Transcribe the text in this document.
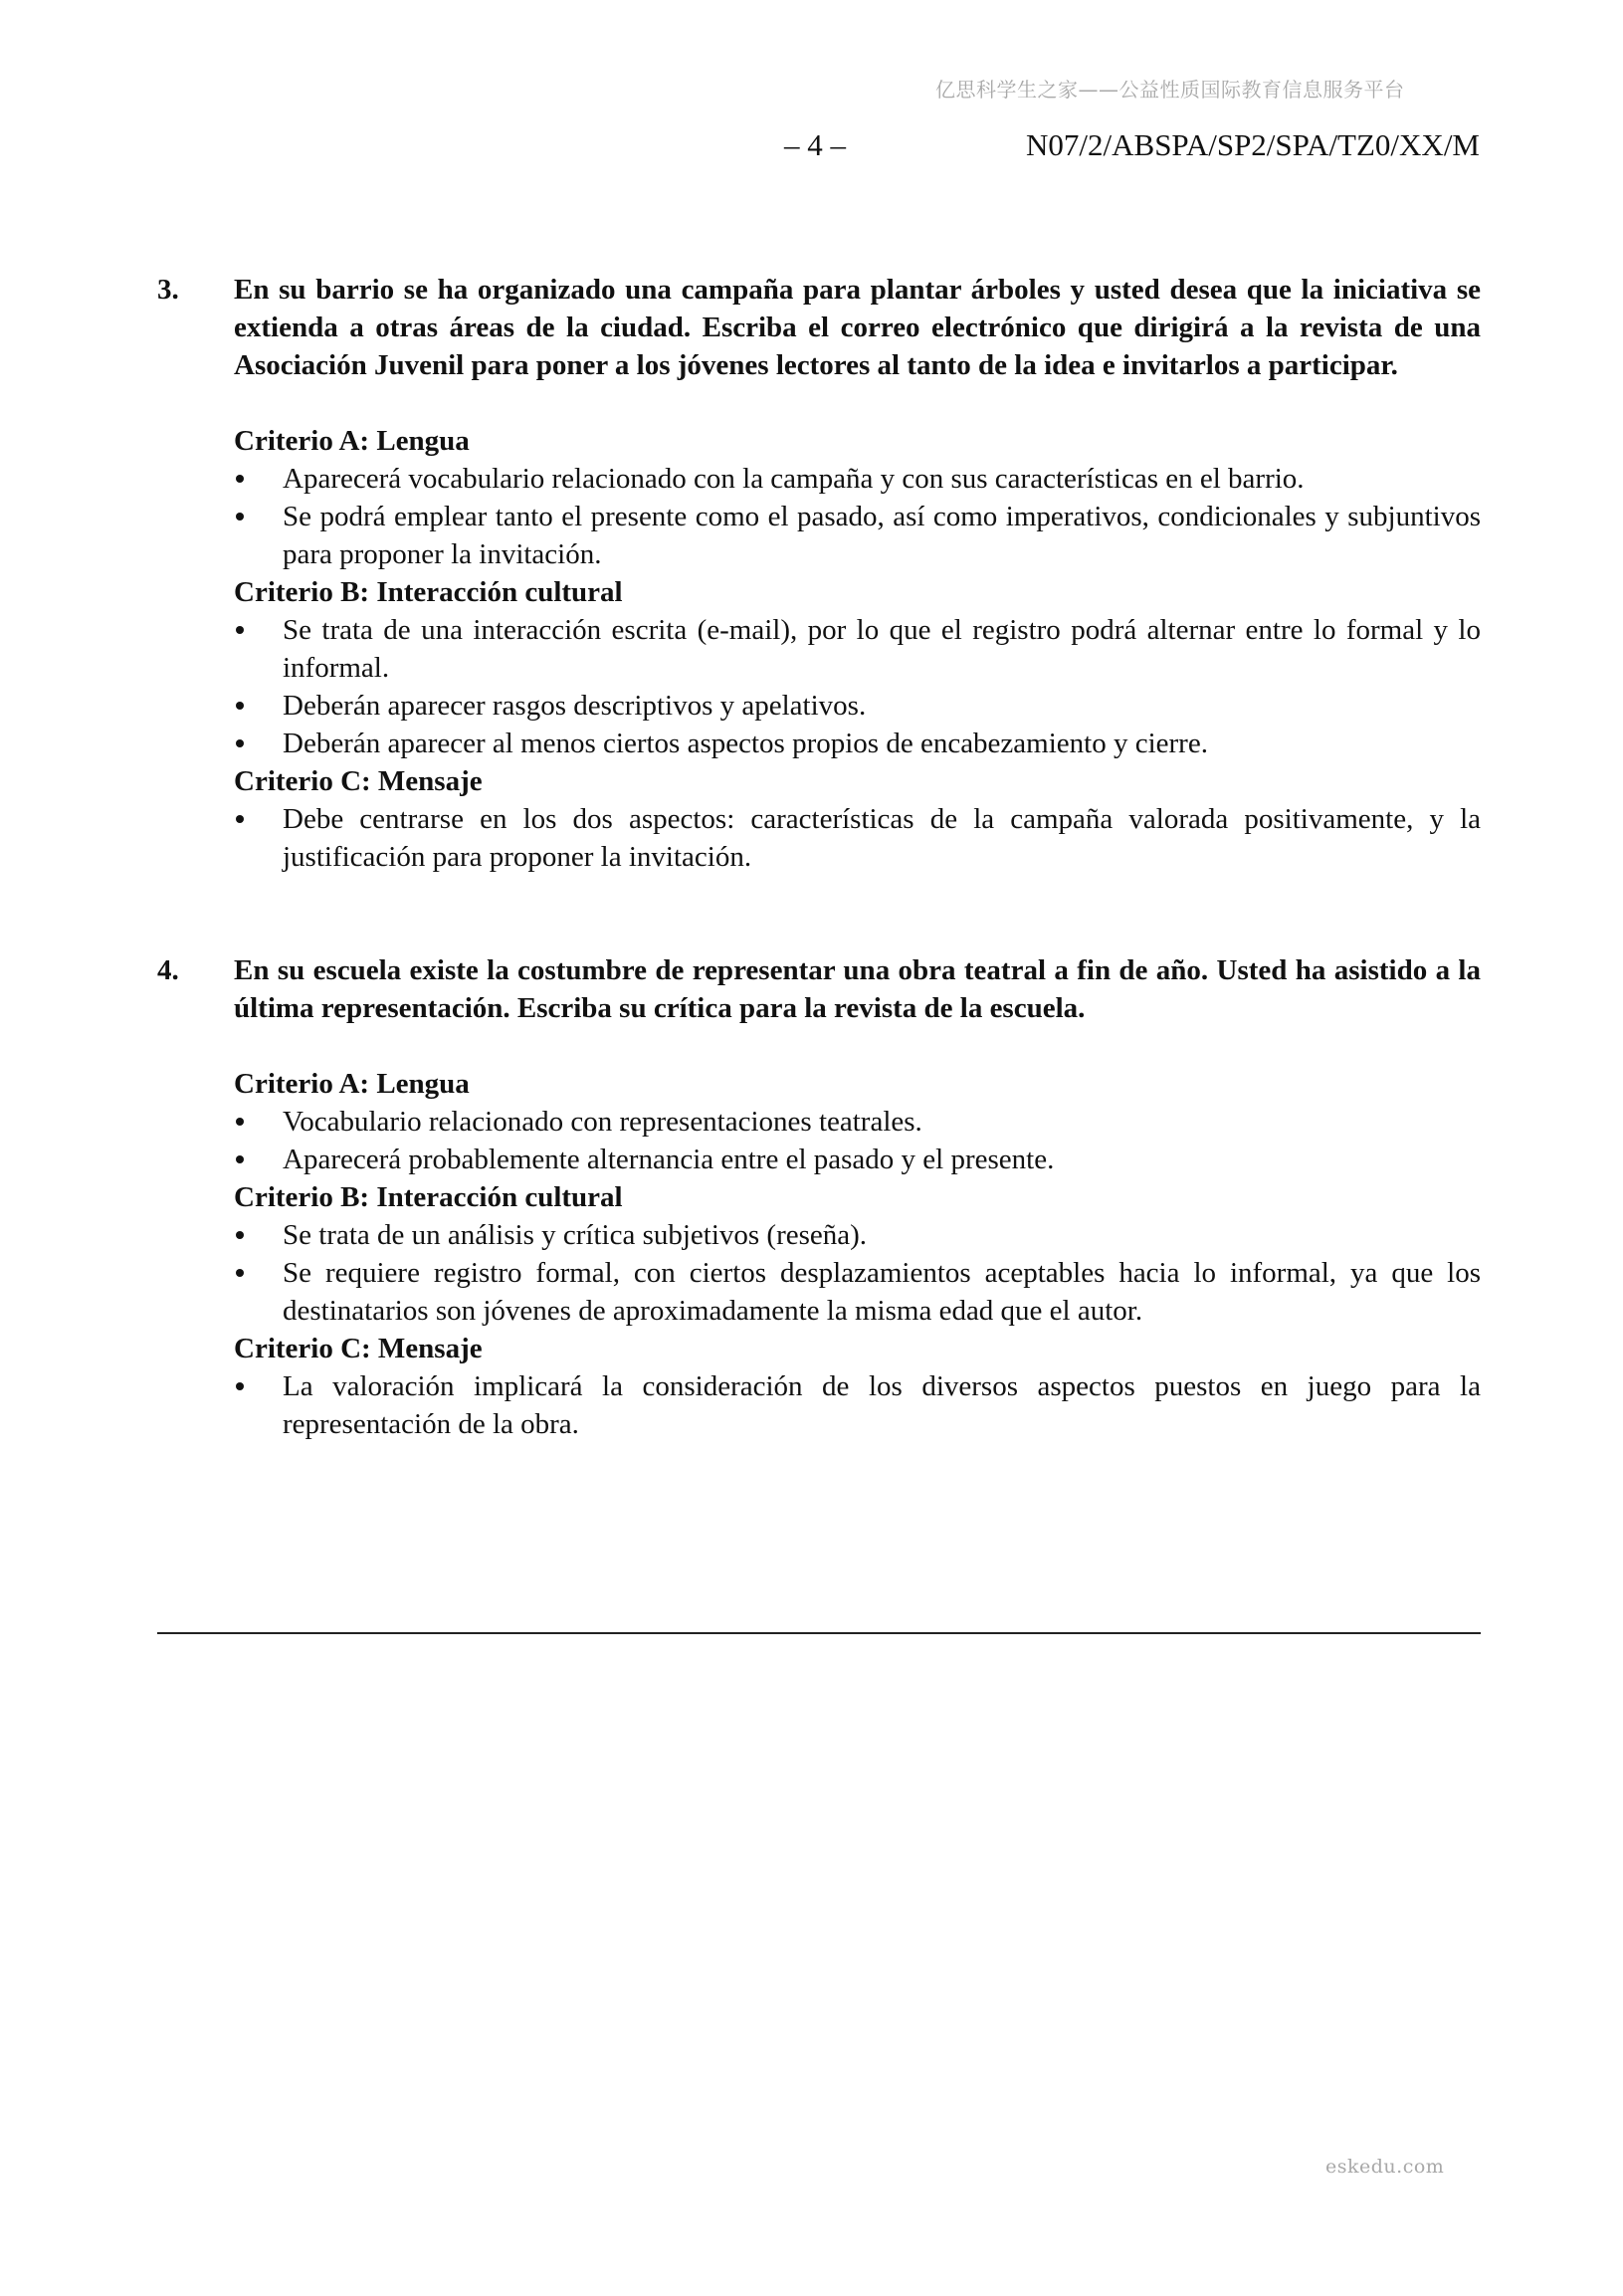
亿思科学生之家——公益性质国际教育信息服务平台
– 4 –	N07/2/ABSPA/SP2/SPA/TZ0/XX/M
3. En su barrio se ha organizado una campaña para plantar árboles y usted desea que la iniciativa se extienda a otras áreas de la ciudad. Escriba el correo electrónico que dirigirá a la revista de una Asociación Juvenil para poner a los jóvenes lectores al tanto de la idea e invitarlos a participar.
Criterio A: Lengua
Aparecerá vocabulario relacionado con la campaña y con sus características en el barrio.
Se podrá emplear tanto el presente como el pasado, así como imperativos, condicionales y subjuntivos para proponer la invitación.
Criterio B: Interacción cultural
Se trata de una interacción escrita (e-mail), por lo que el registro podrá alternar entre lo formal y lo informal.
Deberán aparecer rasgos descriptivos y apelativos.
Deberán aparecer al menos ciertos aspectos propios de encabezamiento y cierre.
Criterio C: Mensaje
Debe centrarse en los dos aspectos: características de la campaña valorada positivamente, y la justificación para proponer la invitación.
4. En su escuela existe la costumbre de representar una obra teatral a fin de año. Usted ha asistido a la última representación. Escriba su crítica para la revista de la escuela.
Criterio A: Lengua
Vocabulario relacionado con representaciones teatrales.
Aparecerá probablemente alternancia entre el pasado y el presente.
Criterio B: Interacción cultural
Se trata de un análisis y crítica subjetivos (reseña).
Se requiere registro formal, con ciertos desplazamientos aceptables hacia lo informal, ya que los destinatarios son jóvenes de aproximadamente la misma edad que el autor.
Criterio C: Mensaje
La valoración implicará la consideración de los diversos aspectos puestos en juego para la representación de la obra.
eskedu.com
